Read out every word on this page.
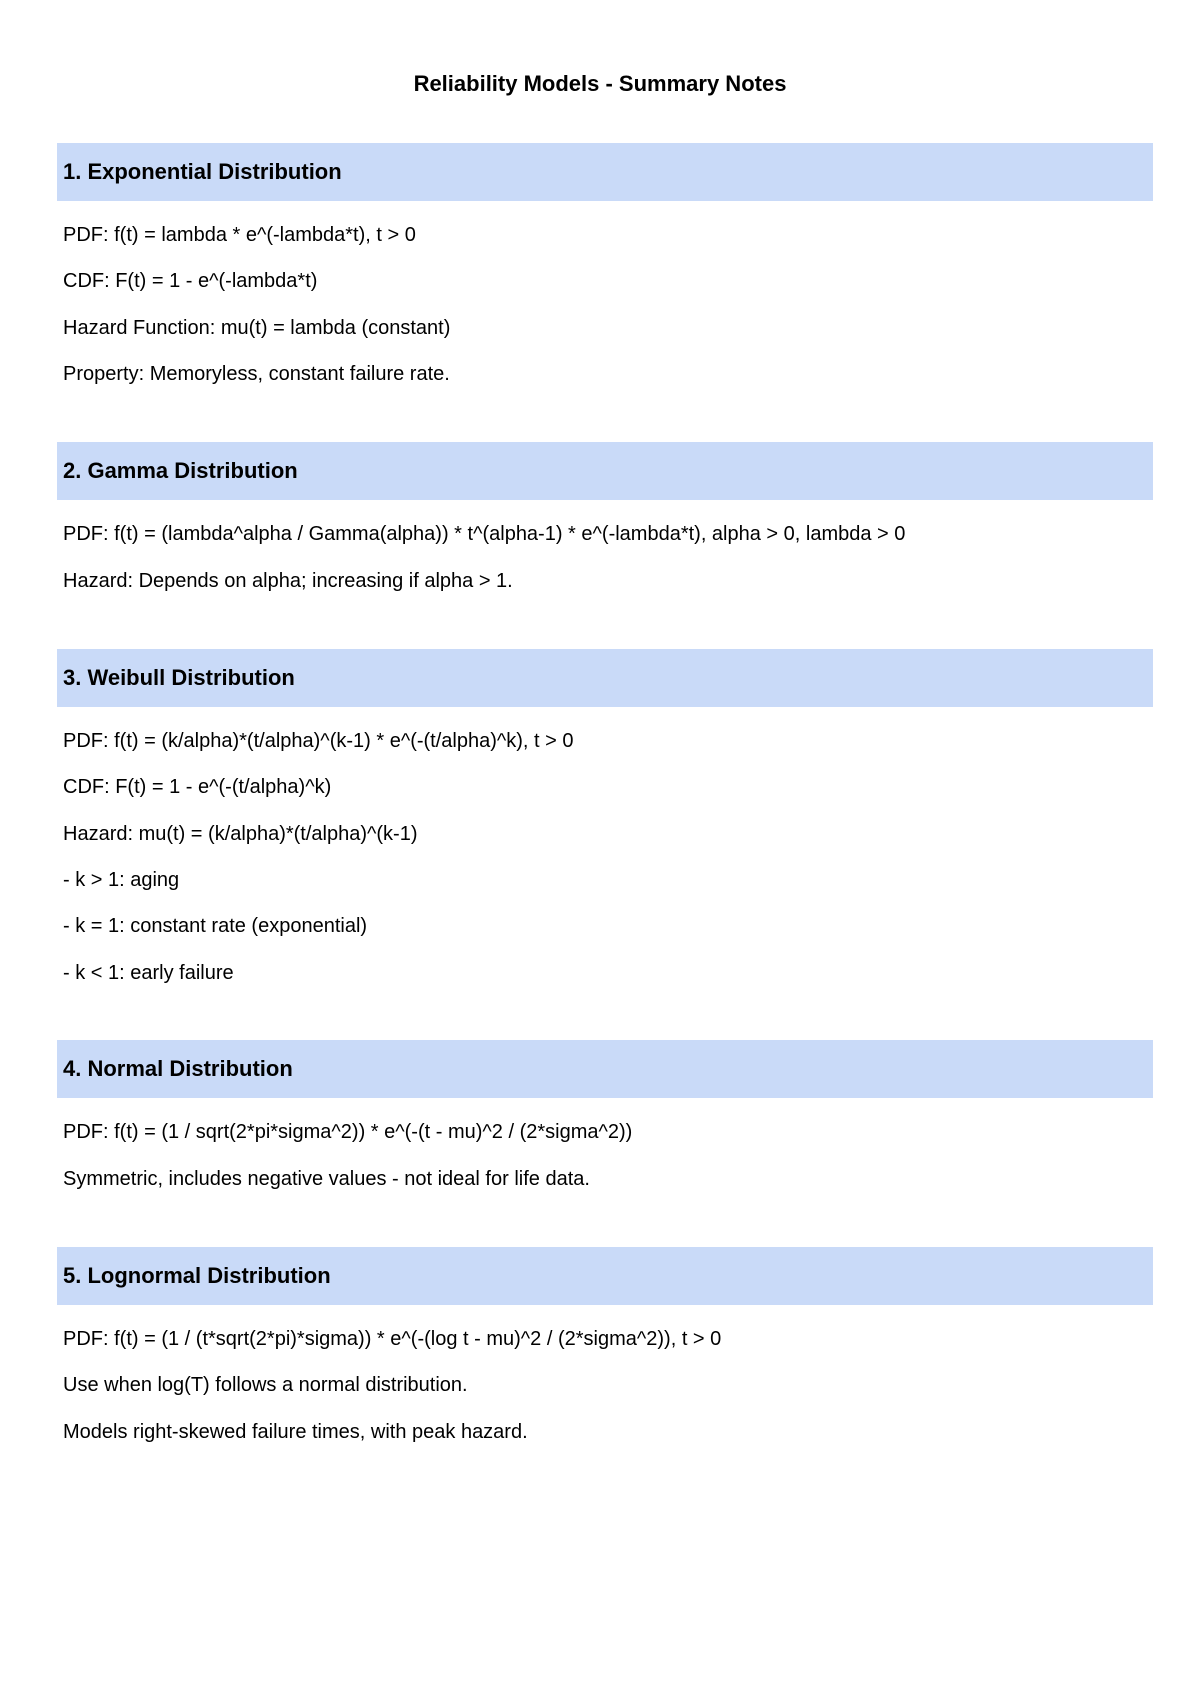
Reliability Models - Summary Notes
1. Exponential Distribution
PDF: f(t) = lambda * e^(-lambda*t), t > 0
CDF: F(t) = 1 - e^(-lambda*t)
Hazard Function: mu(t) = lambda (constant)
Property: Memoryless, constant failure rate.
2. Gamma Distribution
PDF: f(t) = (lambda^alpha / Gamma(alpha)) * t^(alpha-1) * e^(-lambda*t), alpha > 0, lambda > 0
Hazard: Depends on alpha; increasing if alpha > 1.
3. Weibull Distribution
PDF: f(t) = (k/alpha)*(t/alpha)^(k-1) * e^(-(t/alpha)^k), t > 0
CDF: F(t) = 1 - e^(-(t/alpha)^k)
Hazard: mu(t) = (k/alpha)*(t/alpha)^(k-1)
- k > 1: aging
- k = 1: constant rate (exponential)
- k < 1: early failure
4. Normal Distribution
PDF: f(t) = (1 / sqrt(2*pi*sigma^2)) * e^(-(t - mu)^2 / (2*sigma^2))
Symmetric, includes negative values - not ideal for life data.
5. Lognormal Distribution
PDF: f(t) = (1 / (t*sqrt(2*pi)*sigma)) * e^(-(log t - mu)^2 / (2*sigma^2)), t > 0
Use when log(T) follows a normal distribution.
Models right-skewed failure times, with peak hazard.
